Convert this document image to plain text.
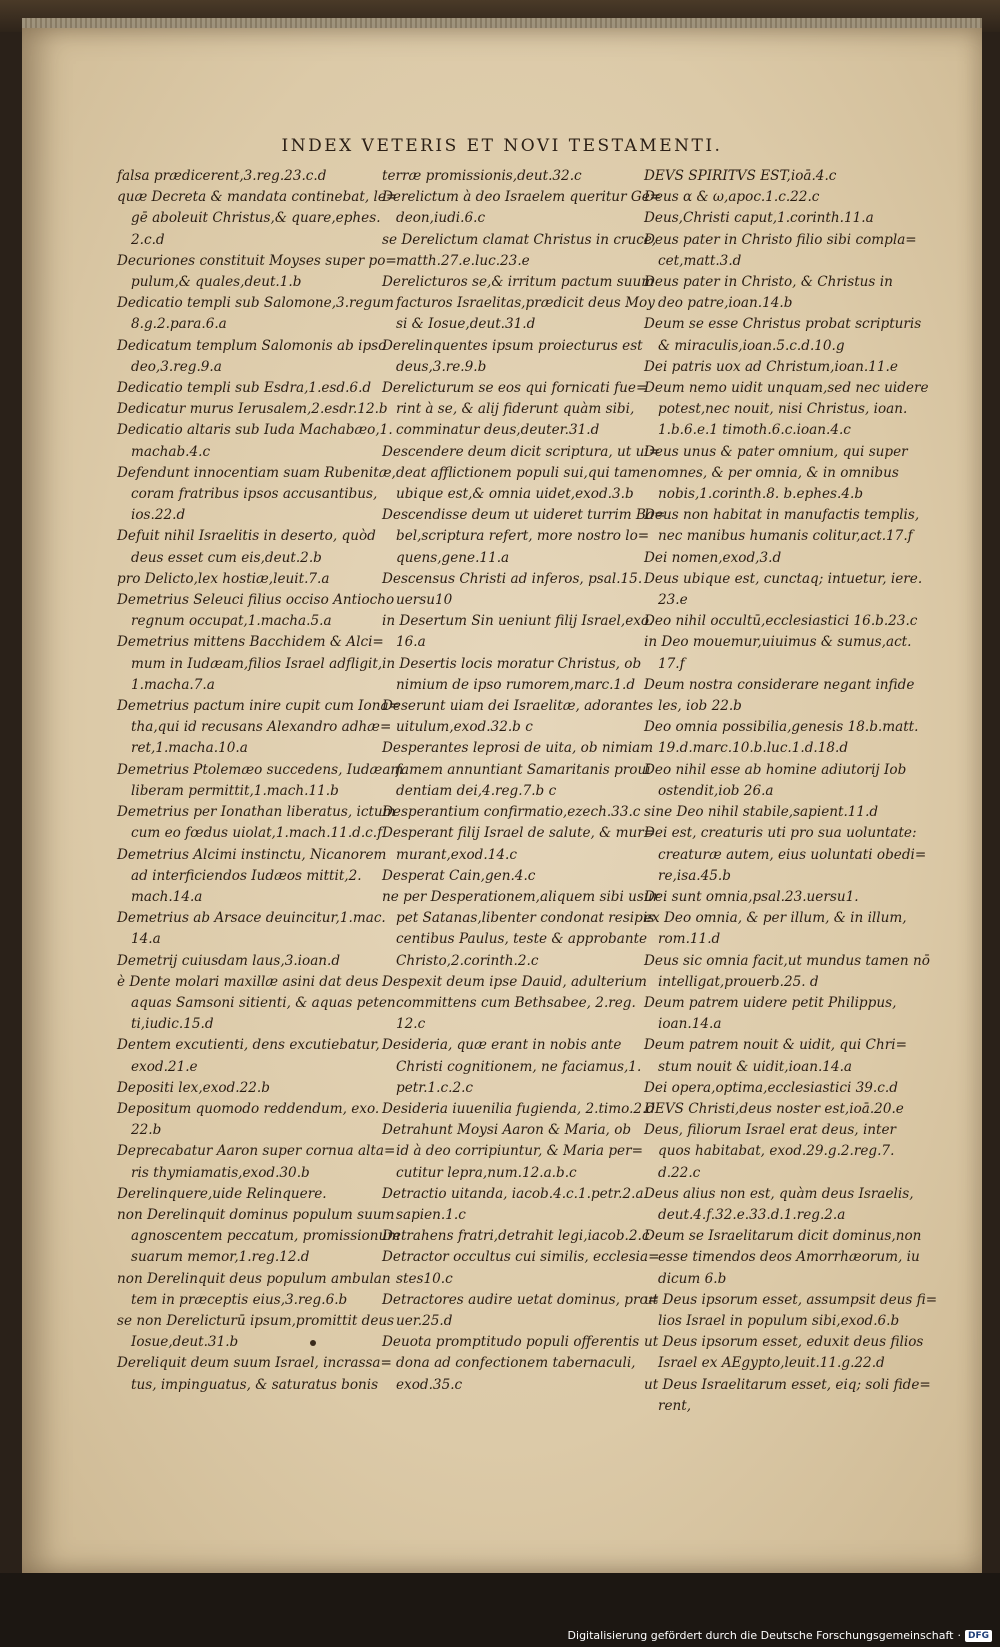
INDEX VETERIS ET NOVI TESTAMENTI.

falsa prædicerent,3.reg.23.c.d

quæ Decreta & mandata continebat, le=
gē aboleuit Christus,& quare,ephes.
2.c.d

Decuriones constituit Moyses super po=
pulum,& quales,deut.1.b

Dedicatio templi sub Salomone,3.regum
8.g.2.para.6.a

Dedicatum templum Salomonis ab ipso
deo,3.reg.9.a

Dedicatio templi sub Esdra,1.esd.6.d

Dedicatur murus Ierusalem,2.esdr.12.b

Dedicatio altaris sub Iuda Machabæo,1.
machab.4.c

Defendunt innocentiam suam Rubenitæ,
coram fratribus ipsos accusantibus,
ios.22.d

Defuit nihil Israelitis in deserto, quòd
deus esset cum eis,deut.2.b

pro Delicto,lex hostiæ,leuit.7.a

Demetrius Seleuci filius occiso Antiocho
regnum occupat,1.macha.5.a

Demetrius mittens Bacchidem & Alci=
mum in Iudæam,filios Israel adfligit,
1.macha.7.a

Demetrius pactum inire cupit cum Iona=
tha,qui id recusans Alexandro adhæ=
ret,1.macha.10.a

Demetrius Ptolemæo succedens, Iudæam
liberam permittit,1.mach.11.b

Demetrius per Ionathan liberatus, ictum
cum eo fœdus uiolat,1.mach.11.d.c.f

Demetrius Alcimi instinctu, Nicanorem
ad interficiendos Iudæos mittit,2.
mach.14.a

Demetrius ab Arsace deuincitur,1.mac.
14.a

Demetrij cuiusdam laus,3.ioan.d

è Dente molari maxillæ asini dat deus
aquas Samsoni sitienti, & aquas peten
ti,iudic.15.d

Dentem excutienti, dens excutiebatur,
exod.21.e

Depositi lex,exod.22.b

Depositum quomodo reddendum, exo.
22.b

Deprecabatur Aaron super cornua alta=
ris thymiamatis,exod.30.b

Derelinquere,uide Relinquere.

non Derelinquit dominus populum suum
agnoscentem peccatum, promissionum
suarum memor,1.reg.12.d

non Derelinquit deus populum ambulan
tem in præceptis eius,3.reg.6.b

se non Derelicturū ipsum,promittit deus
Iosue,deut.31.b

Dereliquit deum suum Israel, incrassa=
tus, impinguatus, & saturatus bonis

terræ promissionis,deut.32.c

Derelictum à deo Israelem queritur Ge=
deon,iudi.6.c

se Derelictum clamat Christus in cruce,
matth.27.e.luc.23.e

Derelicturos se,& irritum pactum suum
facturos Israelitas,prædicit deus Moy
si & Iosue,deut.31.d

Derelinquentes ipsum proiecturus est
deus,3.re.9.b

Derelicturum se eos qui fornicati fue=
rint à se, & alij fiderunt quàm sibi,
comminatur deus,deuter.31.d

Descendere deum dicit scriptura, ut ui=
deat afflictionem populi sui,qui tamen
ubique est,& omnia uidet,exod.3.b

Descendisse deum ut uideret turrim Ba=
bel,scriptura refert, more nostro lo=
quens,gene.11.a

Descensus Christi ad inferos, psal.15.
uersu10

in Desertum Sin ueniunt filij Israel,exo.
16.a

in Desertis locis moratur Christus, ob
nimium de ipso rumorem,marc.1.d

Deserunt uiam dei Israelitæ, adorantes
uitulum,exod.32.b c

Desperantes leprosi de uita, ob nimiam
famem annuntiant Samaritanis proui
dentiam dei,4.reg.7.b c

Desperantium confirmatio,ezech.33.c

Desperant filij Israel de salute, & mur=
murant,exod.14.c

Desperat Cain,gen.4.c

ne per Desperationem,aliquem sibi usur
pet Satanas,libenter condonat resipis
centibus Paulus, teste & approbante
Christo,2.corinth.2.c

Despexit deum ipse Dauid, adulterium
committens cum Bethsabee, 2.reg.
12.c

Desideria, quæ erant in nobis ante
Christi cognitionem, ne faciamus,1.
petr.1.c.2.c

Desideria iuuenilia fugienda, 2.timo.2.d

Detrahunt Moysi Aaron & Maria, ob
id à deo corripiuntur, & Maria per=
cutitur lepra,num.12.a.b.c

Detractio uitanda, iacob.4.c.1.petr.2.a
sapien.1.c

Detrahens fratri,detrahit legi,iacob.2.c

Detractor occultus cui similis, ecclesia=
stes10.c

Detractores audire uetat dominus, pro=
uer.25.d

Deuota promptitudo populi offerentis
dona ad confectionem tabernaculi,
exod.35.c

DEVS SPIRITVS EST,ioā.4.c

Deus α & ω,apoc.1.c.22.c

Deus,Christi caput,1.corinth.11.a

Deus pater in Christo filio sibi compla=
cet,matt.3.d

Deus pater in Christo, & Christus in
deo patre,ioan.14.b

Deum se esse Christus probat scripturis
& miraculis,ioan.5.c.d.10.g

Dei patris uox ad Christum,ioan.11.e

Deum nemo uidit unquam,sed nec uidere
potest,nec nouit, nisi Christus, ioan.
1.b.6.e.1 timoth.6.c.ioan.4.c

Deus unus & pater omnium, qui super
omnes, & per omnia, & in omnibus
nobis,1.corinth.8. b.ephes.4.b

Deus non habitat in manufactis templis,
nec manibus humanis colitur,act.17.f

Dei nomen,exod,3.d

Deus ubique est, cunctaq; intuetur, iere.
23.e

Deo nihil occultū,ecclesiastici 16.b.23.c

in Deo mouemur,uiuimus & sumus,act.
17.f

Deum nostra considerare negant infide
les, iob 22.b

Deo omnia possibilia,genesis 18.b.matt.
19.d.marc.10.b.luc.1.d.18.d

Deo nihil esse ab homine adiutorij Iob
ostendit,iob 26.a

sine Deo nihil stabile,sapient.11.d

Dei est, creaturis uti pro sua uoluntate:
creaturæ autem, eius uoluntati obedi=
re,isa.45.b

Dei sunt omnia,psal.23.uersu1.

ex Deo omnia, & per illum, & in illum,
rom.11.d

Deus sic omnia facit,ut mundus tamen nō
intelligat,prouerb.25. d

Deum patrem uidere petit Philippus,
ioan.14.a

Deum patrem nouit & uidit, qui Chri=
stum nouit & uidit,ioan.14.a

Dei opera,optima,ecclesiastici 39.c.d

DEVS Christi,deus noster est,ioā.20.e

Deus, filiorum Israel erat deus, inter
quos habitabat, exod.29.g.2.reg.7.
d.22.c

Deus alius non est, quàm deus Israelis,
deut.4.f.32.e.33.d.1.reg.2.a

Deum se Israelitarum dicit dominus,non
esse timendos deos Amorrhæorum, iu
dicum 6.b

ut Deus ipsorum esset, assumpsit deus fi=
lios Israel in populum sibi,exod.6.b

ut Deus ipsorum esset, eduxit deus filios
Israel ex AEgypto,leuit.11.g.22.d

ut Deus Israelitarum esset, eiq; soli fide=
rent,

Digitalisierung gefördert durch die Deutsche Forschungsgemeinschaft · DFG
